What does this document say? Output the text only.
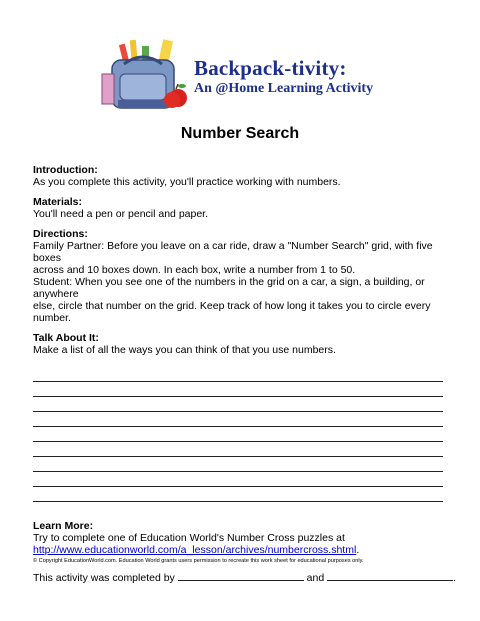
Backpack-tivity:
An @Home Learning Activity
Number Search

Introduction:

As you complete this activity, you'll practice working with numbers.

Materials:

You'll need a pen or pencil and paper.

Directions:

Family Partner: Before you leave on a car ride, draw a "Number Search" grid, with five boxes

across and 10 boxes down. In each box, write a number from 1 to 50.

Student: When you see one of the numbers in the grid on a car, a sign, a building, or anywhere

else, circle that number on the grid. Keep track of how long it takes you to circle every number.

Talk About It:

Make a list of all the ways you can think of that you use numbers.

Learn More:

Try to complete one of Education World's Number Cross puzzles at

http://www.educationworld.com/a_lesson/archives/numbercross.shtml.

This activity was completed by	and	.

© Copyright EducationWorld.com. Education World grants users permission to recreate this work sheet for educational purposes only.
